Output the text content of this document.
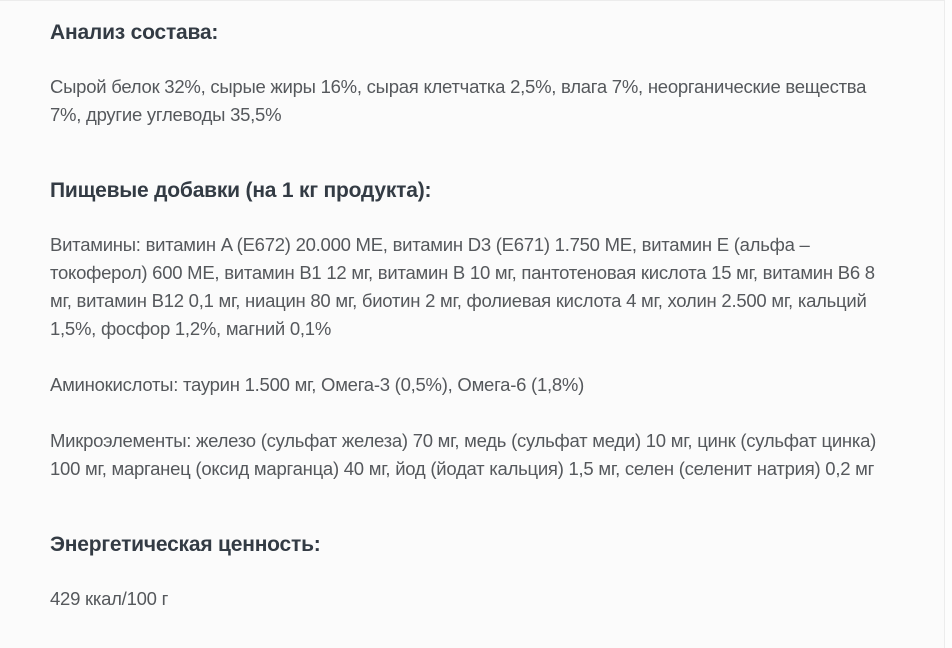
Анализ состава:

Сырой белок 32%, сырые жиры 16%, сырая клетчатка 2,5%, влага 7%, неорганические вещества 7%, другие углеводы 35,5%

Пищевые добавки (на 1 кг продукта):

Витамины: витамин A (E672) 20.000 МЕ, витамин D3 (E671) 1.750 МЕ, витамин E (альфа – токоферол) 600 МЕ, витамин B1 12 мг, витамин B 10 мг, пантотеновая кислота 15 мг, витамин B6 8 мг, витамин B12 0,1 мг, ниацин 80 мг, биотин 2 мг, фолиевая кислота 4 мг, холин 2.500 мг, кальций 1,5%, фосфор 1,2%, магний 0,1%

Аминокислоты: таурин 1.500 мг, Омега-3 (0,5%), Омега-6 (1,8%)

Микроэлементы: железо (сульфат железа) 70 мг, медь (сульфат меди) 10 мг, цинк (сульфат цинка) 100 мг, марганец (оксид марганца) 40 мг, йод (йодат кальция) 1,5 мг, селен (селенит натрия) 0,2 мг

Энергетическая ценность:

429 ккал/100 г
